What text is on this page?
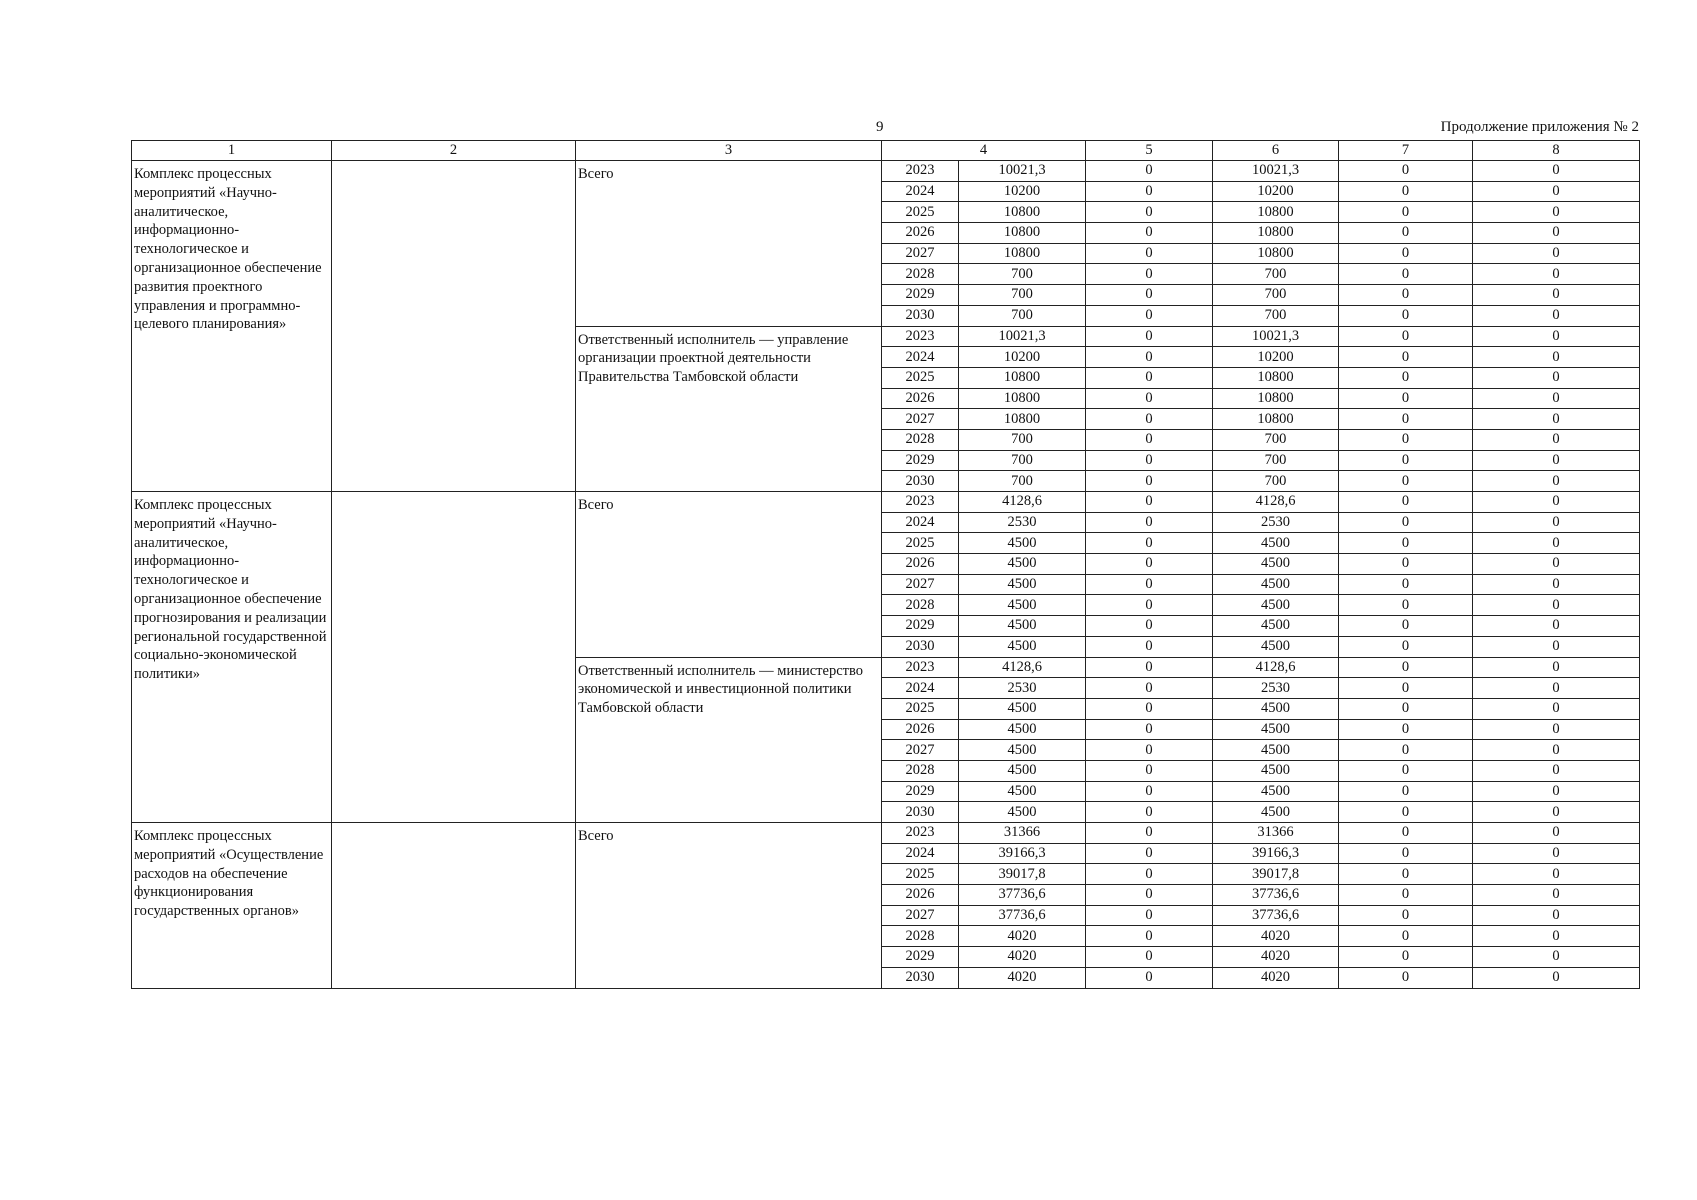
9	Продолжение приложения № 2
1	2	3	4		5	6	7	8
Комплекс процессных мероприятий «Научно-аналитическое, информационно-технологическое и организационное обеспечение развития проектного управления и программно-целевого планирования»		Всего	2023	10021,3	0	10021,3	0	0
			2024	10200	0	10200	0	0
			2025	10800	0	10800	0	0
			2026	10800	0	10800	0	0
			2027	10800	0	10800	0	0
			2028	700	0	700	0	0
			2029	700	0	700	0	0
			2030	700	0	700	0	0
		Ответственный исполнитель — управление организации проектной деятельности Правительства Тамбовской области	2023	10021,3	0	10021,3	0	0
			2024	10200	0	10200	0	0
			2025	10800	0	10800	0	0
			2026	10800	0	10800	0	0
			2027	10800	0	10800	0	0
			2028	700	0	700	0	0
			2029	700	0	700	0	0
			2030	700	0	700	0	0
Комплекс процессных мероприятий «Научно-аналитическое, информационно-технологическое и организационное обеспечение прогнозирования и реализации региональной государственной социально-экономической политики»		Всего	2023	4128,6	0	4128,6	0	0
			2024	2530	0	2530	0	0
			2025	4500	0	4500	0	0
			2026	4500	0	4500	0	0
			2027	4500	0	4500	0	0
			2028	4500	0	4500	0	0
			2029	4500	0	4500	0	0
			2030	4500	0	4500	0	0
		Ответственный исполнитель — министерство экономической и инвестиционной политики Тамбовской области	2023	4128,6	0	4128,6	0	0
			2024	2530	0	2530	0	0
			2025	4500	0	4500	0	0
			2026	4500	0	4500	0	0
			2027	4500	0	4500	0	0
			2028	4500	0	4500	0	0
			2029	4500	0	4500	0	0
			2030	4500	0	4500	0	0
Комплекс процессных мероприятий «Осуществление расходов на обеспечение функционирования государственных органов»		Всего	2023	31366	0	31366	0	0
			2024	39166,3	0	39166,3	0	0
			2025	39017,8	0	39017,8	0	0
			2026	37736,6	0	37736,6	0	0
			2027	37736,6	0	37736,6	0	0
			2028	4020	0	4020	0	0
			2029	4020	0	4020	0	0
			2030	4020	0	4020	0	0
